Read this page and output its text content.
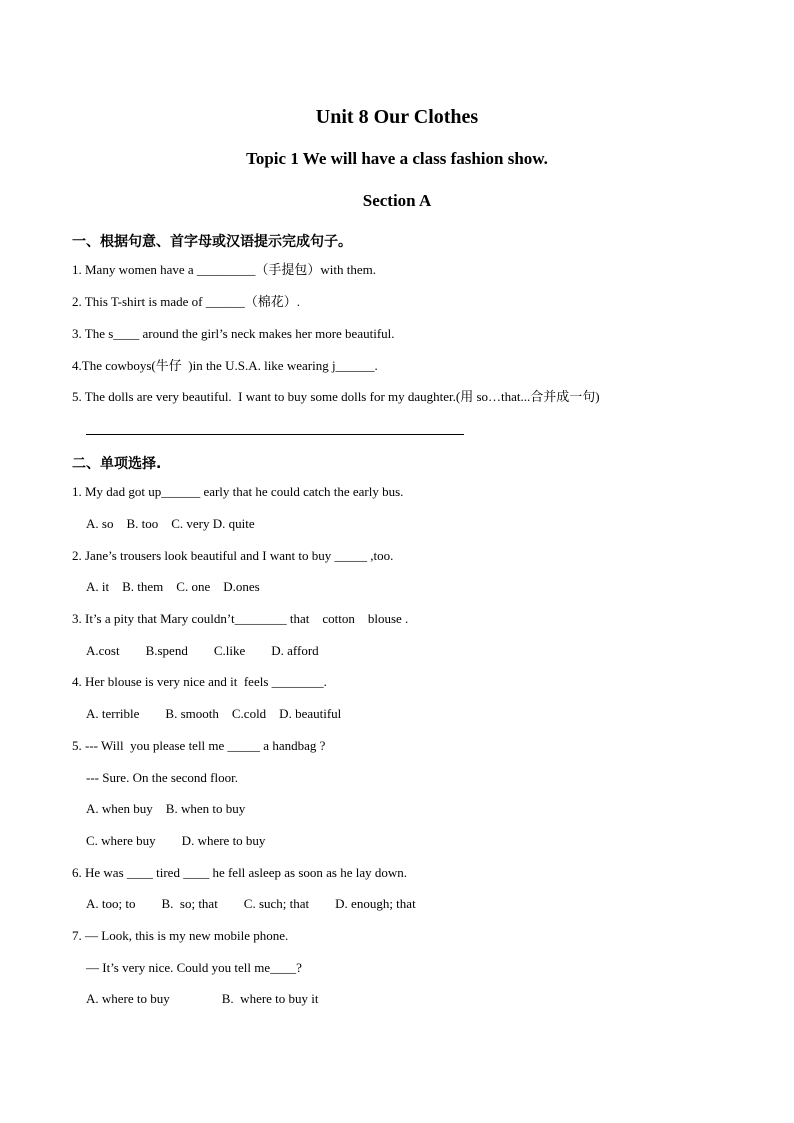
Unit 8 Our Clothes
Topic 1 We will have a class fashion show.
Section A
一、根据句意、首字母或汉语提示完成句子。
1. Many women have a _________（手提包）with them.
2. This T-shirt is made of ______（棉花）.
3. The s____ around the girl’s neck makes her more beautiful.
4.The cowboys(牛仔  )in the U.S.A. like wearing j______.
5. The dolls are very beautiful.  I want to buy some dolls for my daughter.(用 so…that...合并成一句)
二、单项选择.
1. My dad got up______ early that he could catch the early bus.
A. so    B. too    C. very D. quite
2. Jane’s trousers look beautiful and I want to buy _____ ,too.
A. it    B. them    C. one    D.ones
3. It’s a pity that Mary couldn’t________ that    cotton    blouse .
A.cost        B.spend        C.like        D. afford
4. Her blouse is very nice and it  feels ________.
A. terrible        B. smooth    C.cold    D. beautiful
5. --- Will  you please tell me _____ a handbag ?
--- Sure. On the second floor.
A. when buy    B. when to buy
C. where buy        D. where to buy
6. He was ____ tired ____ he fell asleep as soon as he lay down.
A. too; to        B.  so; that        C. such; that        D. enough; that
7. — Look, this is my new mobile phone.
— It’s very nice. Could you tell me____?
A. where to buy                B.  where to buy it
